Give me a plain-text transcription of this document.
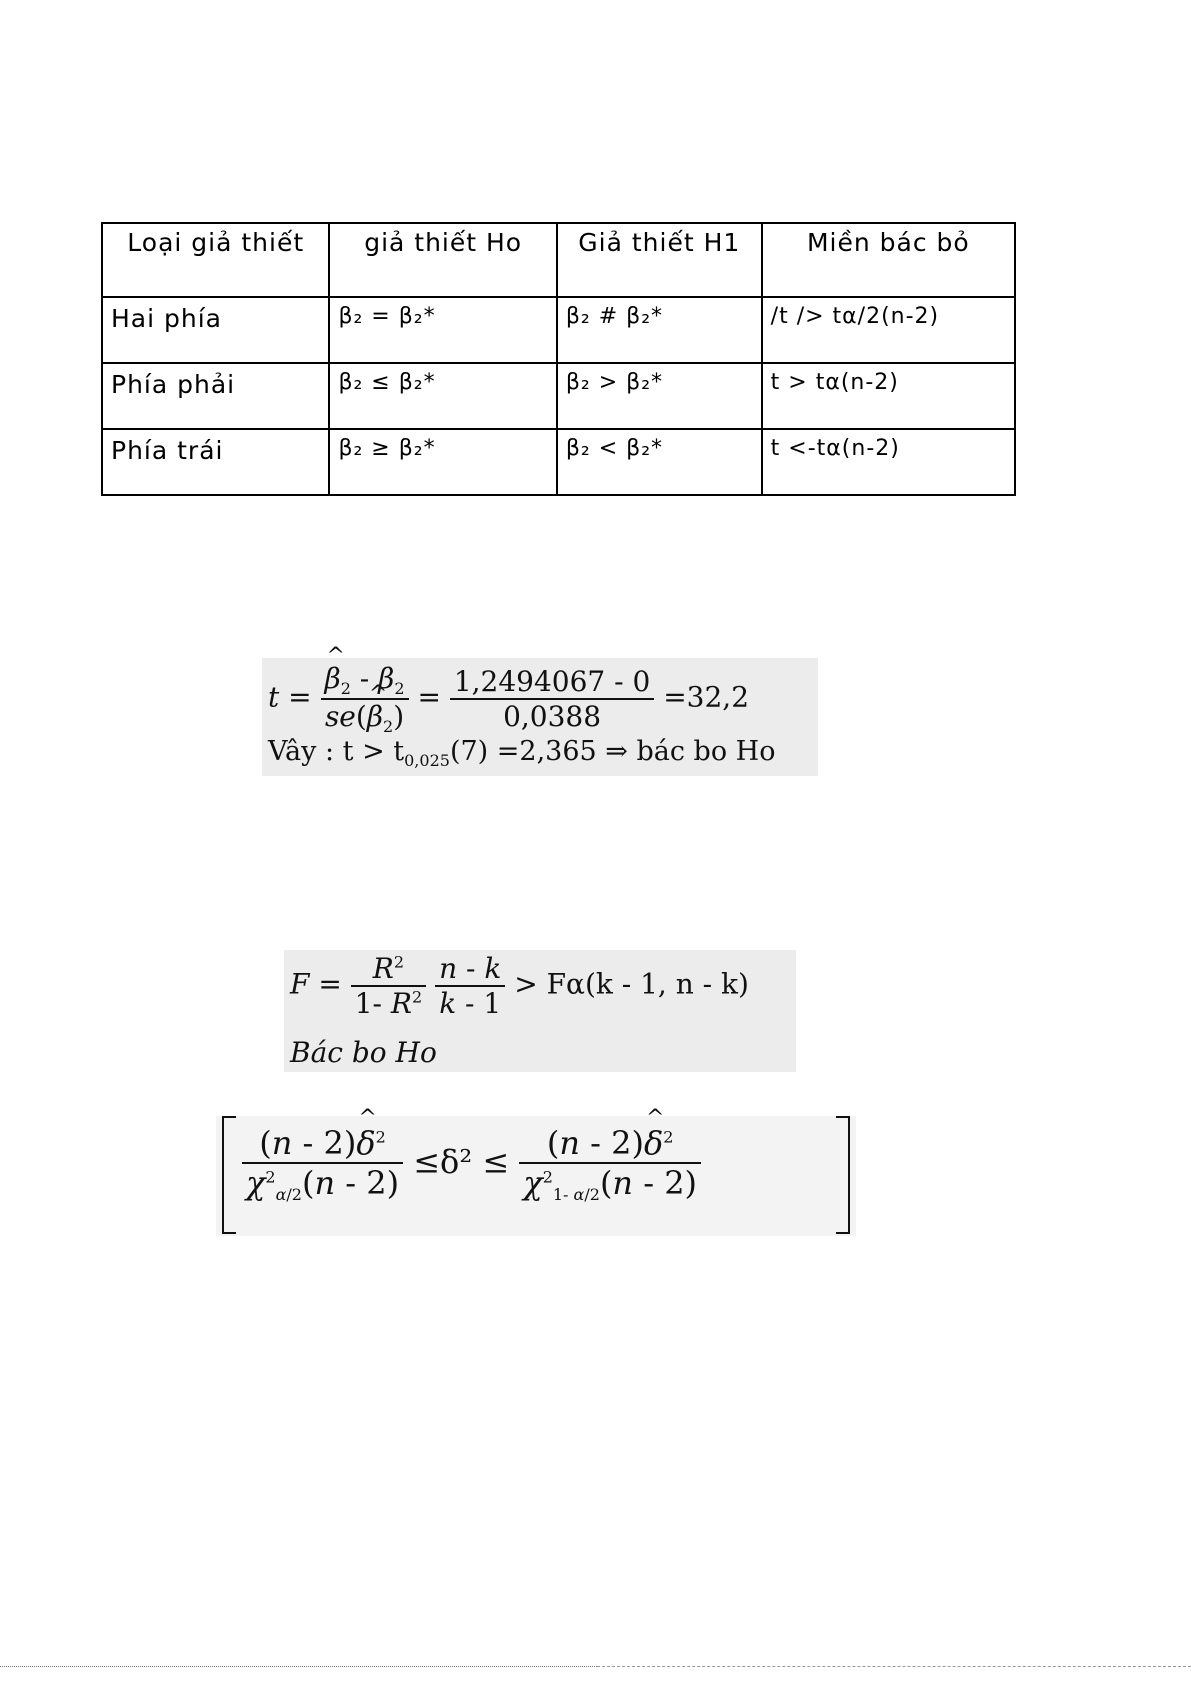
Loại giả thiết	giả thiết Ho	Giả thiết H1	Miền bác bỏ
Hai phía	β₂ = β₂*	β₂ # β₂*	/t /> tα/2(n-2)
Phía phải	β₂ ≤ β₂*	β₂ > β₂*	t > tα(n-2)
Phía trái	β₂ ≥ β₂*	β₂ < β₂*	t <-tα(n-2)
t = ^ $\frac{\beta_2 - \beta_2}{se(\^{} \beta_2)} = \frac{1,2494067 - 0}{0,0388} =32,2$
Vây : $t > t_{0,025}(7) =2,365$ ⇒ bác bo Ho
$F = \frac{R^2}{1- R^2}$
$\frac{n - k}{k - 1} > F\alpha(k - 1$, n - k)
Bác bo Ho
$\frac{(n - 2)\^{} \delta^2}{\chi^2\alpha/2(n - 2)} \le\delta^2 \le \frac{(n - 2)\^{} \delta^2}{\chi^21- \alpha/2(n - 2)}$
